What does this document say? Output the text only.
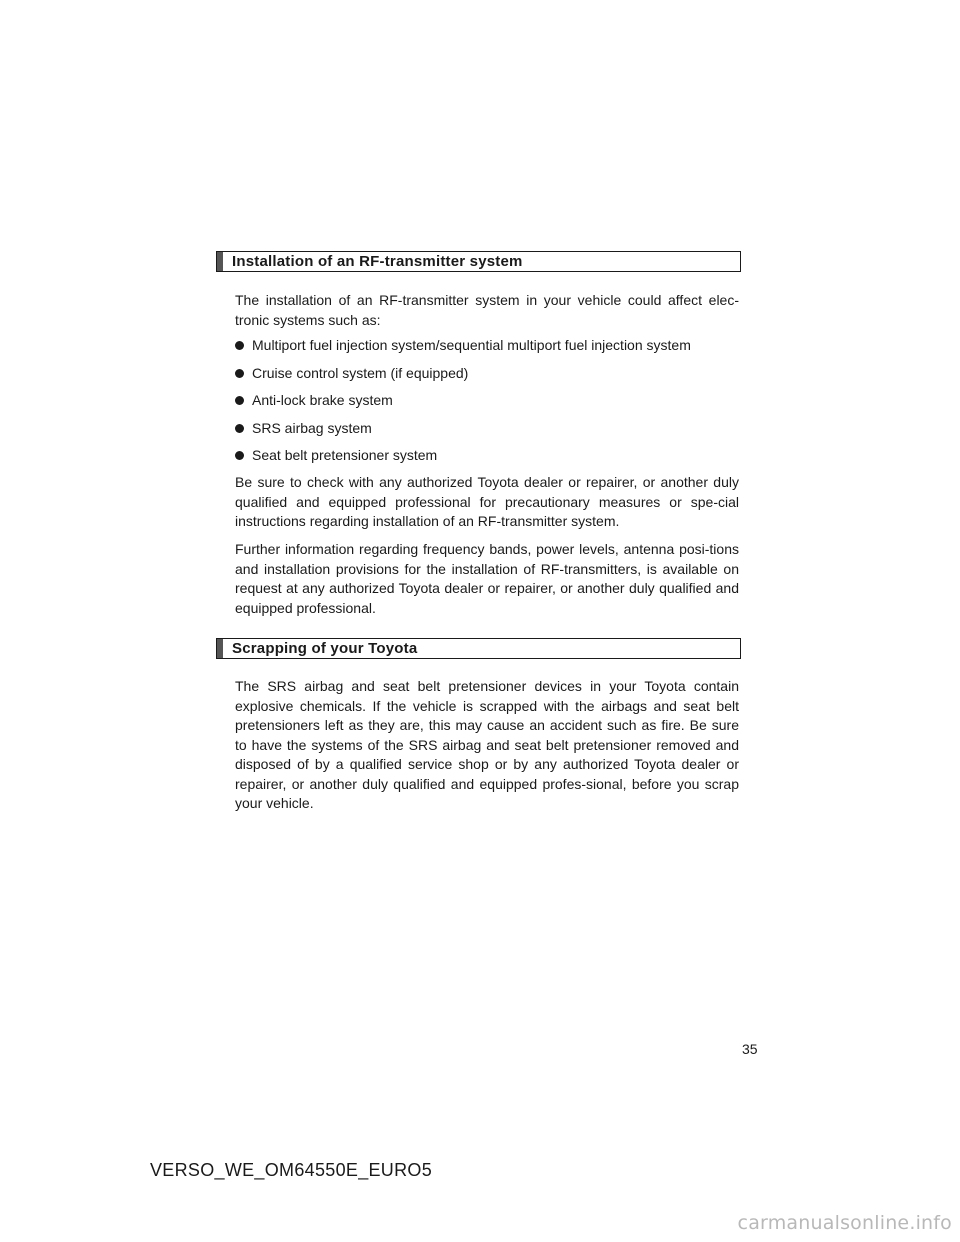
Installation of an RF-transmitter system

The installation of an RF-transmitter system in your vehicle could affect elec-tronic systems such as:

Multiport fuel injection system/sequential multiport fuel injection system
Cruise control system (if equipped)
Anti-lock brake system
SRS airbag system
Seat belt pretensioner system

Be sure to check with any authorized Toyota dealer or repairer, or another duly qualified and equipped professional for precautionary measures or spe-cial instructions regarding installation of an RF-transmitter system.

Further information regarding frequency bands, power levels, antenna posi-tions and installation provisions for the installation of RF-transmitters, is available on request at any authorized Toyota dealer or repairer, or another duly qualified and equipped professional.

Scrapping of your Toyota

The SRS airbag and seat belt pretensioner devices in your Toyota contain explosive chemicals. If the vehicle is scrapped with the airbags and seat belt pretensioners left as they are, this may cause an accident such as fire. Be sure to have the systems of the SRS airbag and seat belt pretensioner removed and disposed of by a qualified service shop or by any authorized Toyota dealer or repairer, or another duly qualified and equipped profes-sional, before you scrap your vehicle.

35
VERSO_WE_OM64550E_EURO5
carmanualsonline.info
